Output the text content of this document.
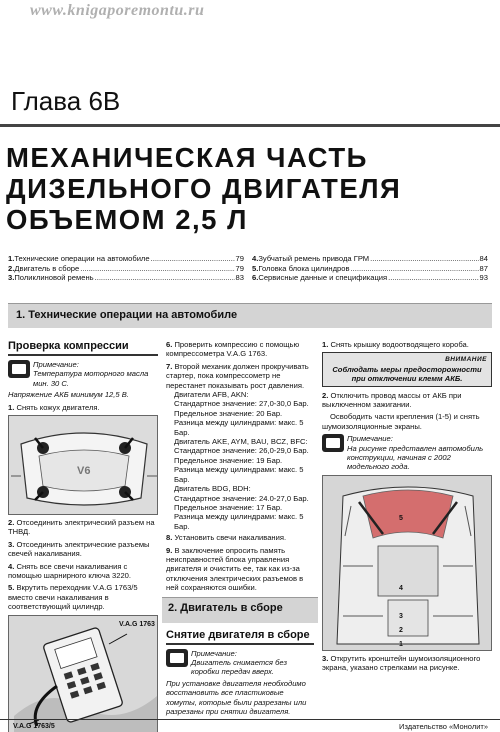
www.knigaporemontu.ru
Глава 6В
МЕХАНИЧЕСКАЯ ЧАСТЬ
ДИЗЕЛЬНОГО ДВИГАТЕЛЯ
ОБЪЕМОМ 2,5 Л
1. Технические операции на автомобиле .....	79
2. Двигатель в сборе .....	79
3. Поликлиновой ремень .....	83
4. Зубчатый ремень привода ГРМ .....	84
5. Головка блока цилиндров .....	87
6. Сервисные данные и спецификация .....	93
1. Технические операции на автомобиле
Проверка компрессии
Примечание:
Температура моторного масла мин. 30 С.

Напряжение АКБ минимум 12,5 В.

1. Снять кожух двигателя.

V6

2. Отсоединить электрический разъем на ТНВД.

3. Отсоединить электрические разъемы свечей накаливания.

4. Снять все свечи накаливания с помощью шарнирного ключа 3220.

5. Вкрутить переходник V.A.G 1763/5 вместо свечи накаливания в соответствующий цилиндр.

V.A.G 1763
V.A.G 1763/5

6. Проверить компрессию с помощью компрессометра V.A.G 1763.

7. Второй механик должен прокручивать стартер, пока компрессометр не перестанет показывать рост давления.

Двигатели AFB, AKN:
Стандартное значение: 27,0-30,0 Бар.
Предельное значение: 20 Бар.
Разница между цилиндрами: макс. 5 Бар.
Двигатель AKE, AYM, BAU, BCZ, BFC:
Стандартное значение: 26,0-29,0 Бар.
Предельное значение: 19 Бар.
Разница между цилиндрами: макс. 5 Бар.
Двигатель BDG, BDH:
Стандартное значение: 24.0-27,0 Бар.
Предельное значение: 17 Бар.
Разница между цилиндрами: макс. 5 Бар.

8. Установить свечи накаливания.

9. В заключение опросить память неисправностей блока управления двигателя и очистить ее, так как из-за отключения электрических разъемов в ней сохраняются ошибки.

2. Двигатель в сборе
Снятие двигателя в сборе
Примечание:
Двигатель снимается без коробки передач вверх.

При установке двигателя необходимо восстановить все пластиковые хомуты, которые были разрезаны или разрезаны при снятии двигателя.

1. Снять крышку водоотводящего короба.

ВНИМАНИЕ
Соблюдать меры предосторожности при отключении клемм АКБ.

2. Отключить провод массы от АКБ при выключенном зажигании.

Освободить части крепления (1-5) и снять шумоизоляционные экраны.

Примечание:
На рисунке представлен автомобиль конструкции, начиная с 2002 модельного года.
5
4
3
2
1

3. Открутить кронштейн шумоизоляционного экрана, указано стрелками на рисунке.

Издательство «Монолит»
